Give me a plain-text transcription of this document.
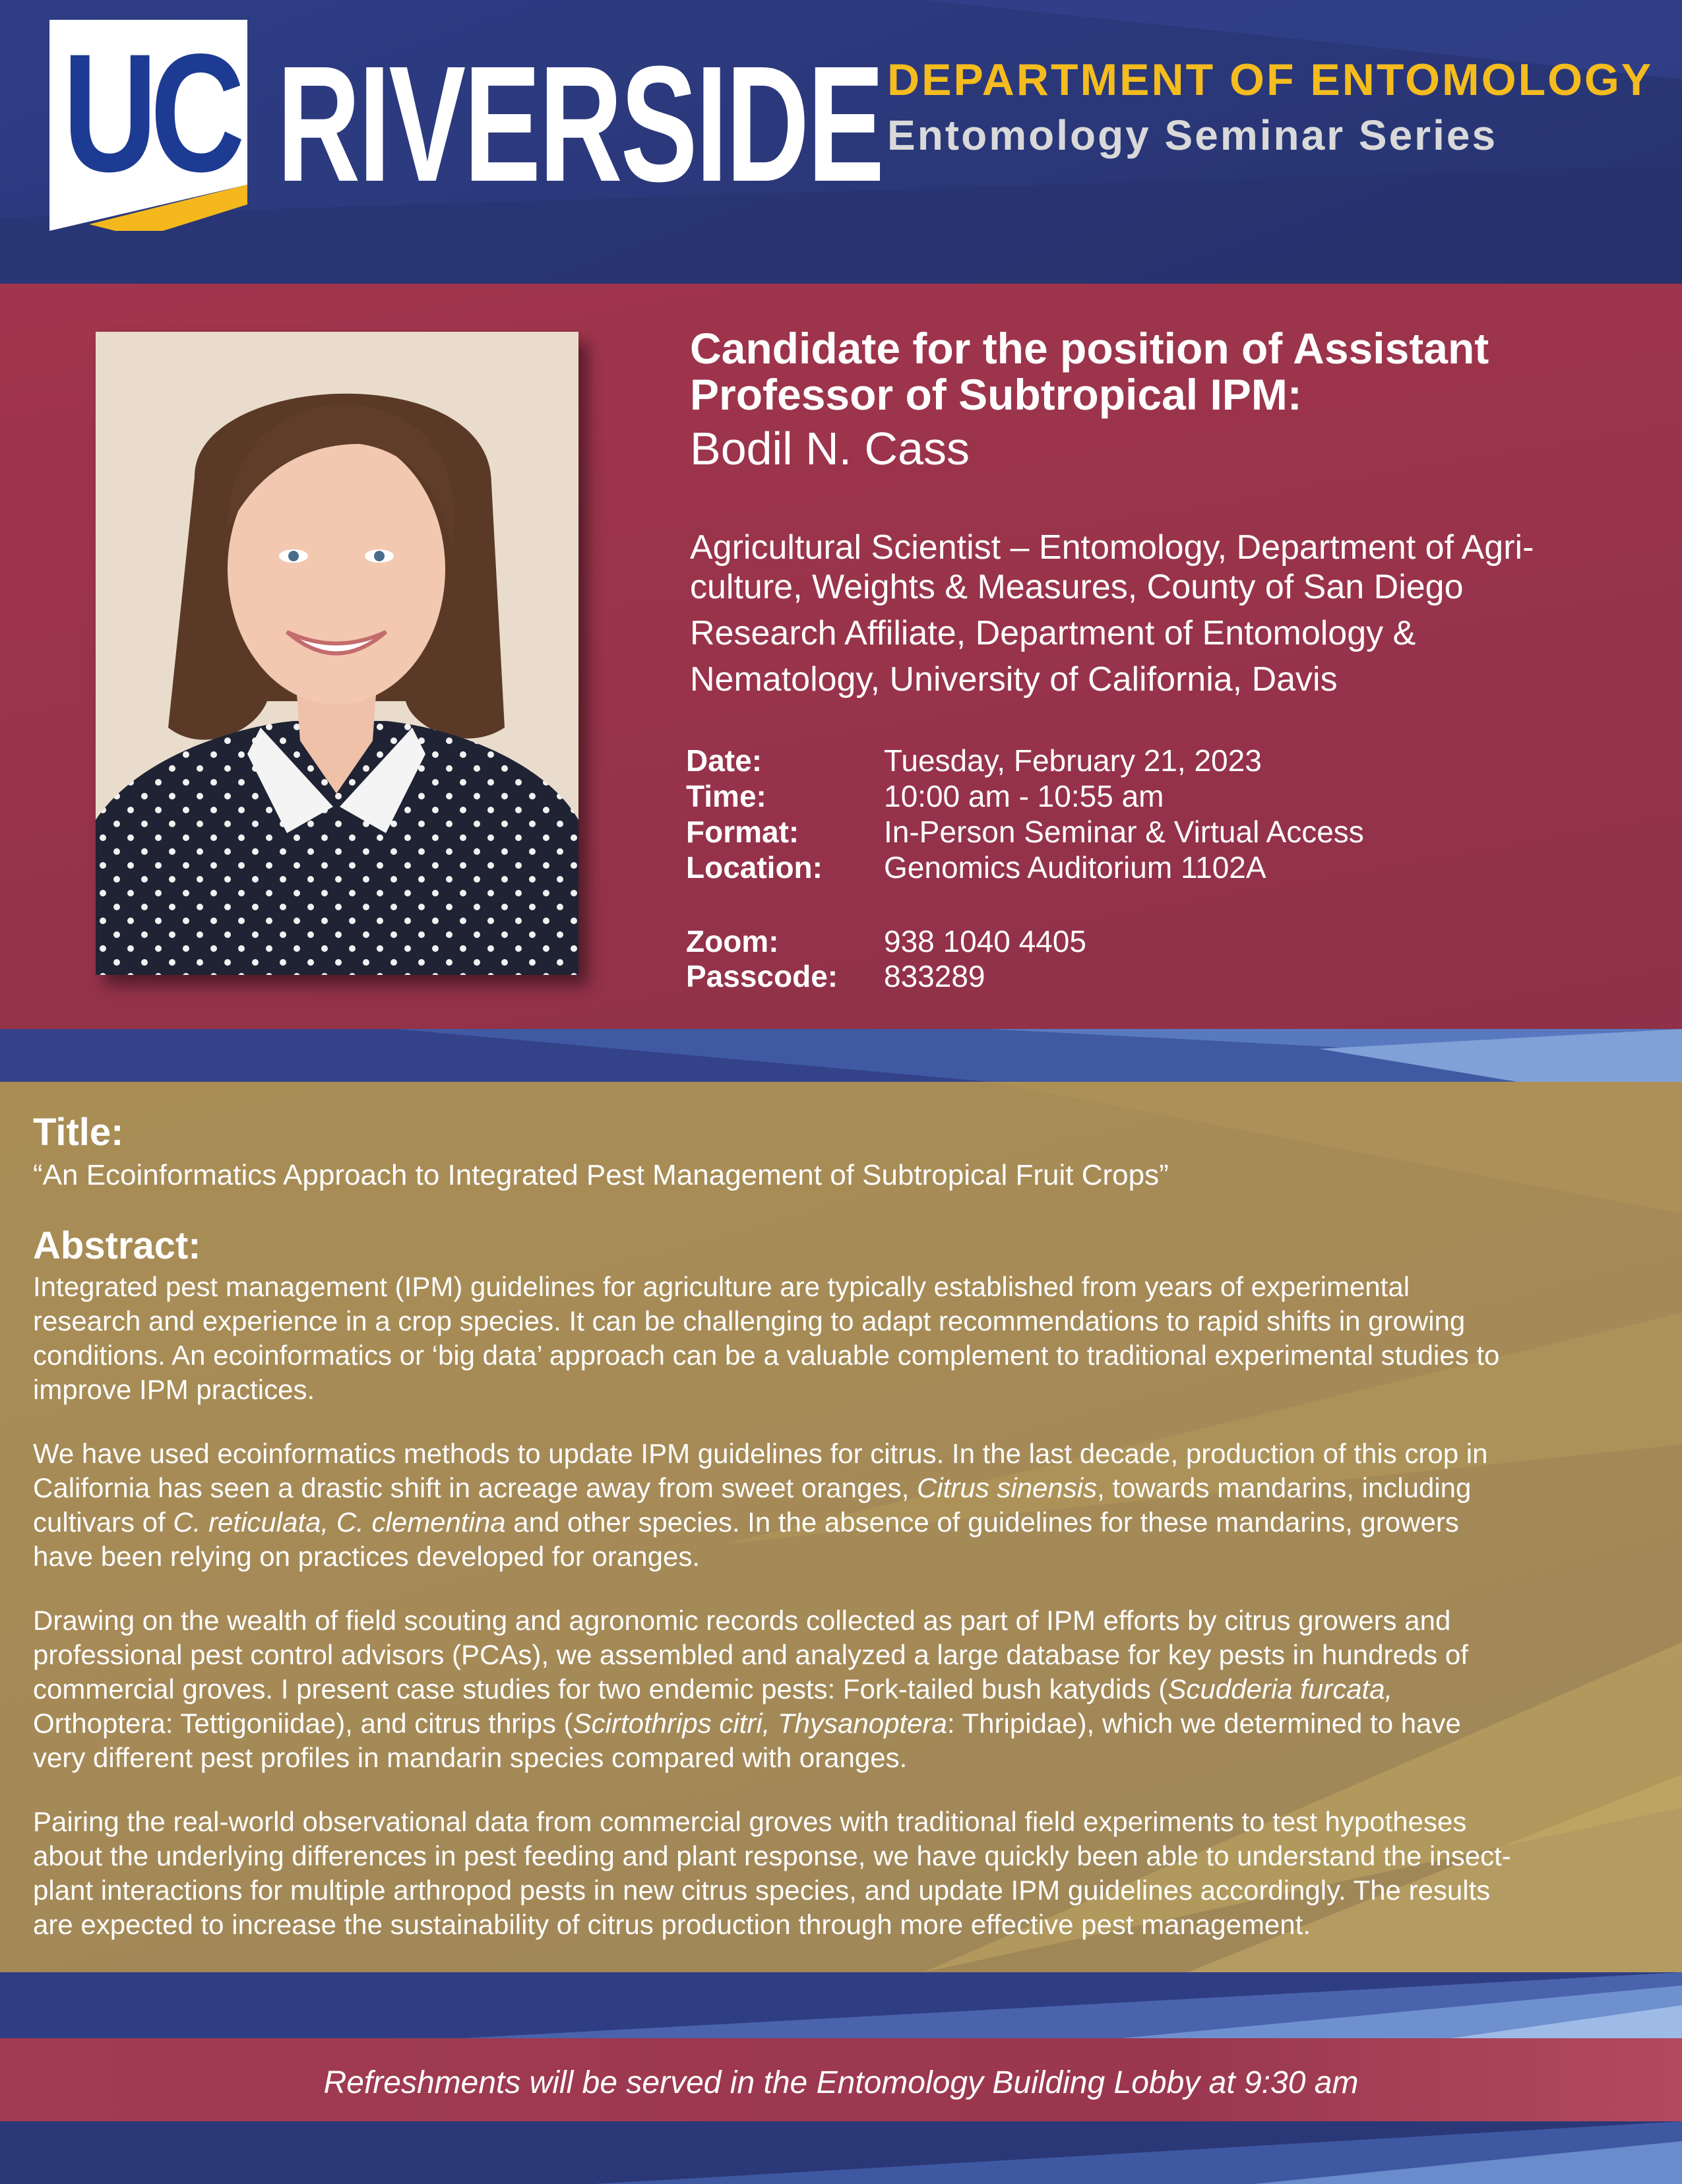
UC RIVERSIDE DEPARTMENT OF ENTOMOLOGY
Entomology Seminar Series
Candidate for the position of Assistant
Professor of Subtropical IPM:
Bodil N. Cass
Agricultural Scientist – Entomology, Department of Agri-
culture, Weights & Measures, County of San Diego
Research Affiliate, Department of Entomology &
Nematology, University of California, Davis
Date:	Tuesday, February 21, 2023
Time:	10:00 am - 10:55 am
Format:	In-Person Seminar & Virtual Access
Location: Genomics Auditorium 1102A
Zoom:	938 1040 4405
Passcode: 833289
Title:
“An Ecoinformatics Approach to Integrated Pest Management of Subtropical Fruit Crops”
Abstract:
Integrated pest management (IPM) guidelines for agriculture are typically established from years of experimental
research and experience in a crop species. It can be challenging to adapt recommendations to rapid shifts in growing
conditions. An ecoinformatics or ‘big data’ approach can be a valuable complement to traditional experimental studies to
improve IPM practices.
We have used ecoinformatics methods to update IPM guidelines for citrus. In the last decade, production of this crop in
California has seen a drastic shift in acreage away from sweet oranges, Citrus sinensis, towards mandarins, including
cultivars of C. reticulata, C. clementina and other species. In the absence of guidelines for these mandarins, growers
have been relying on practices developed for oranges.
Drawing on the wealth of field scouting and agronomic records collected as part of IPM efforts by citrus growers and
professional pest control advisors (PCAs), we assembled and analyzed a large database for key pests in hundreds of
commercial groves. I present case studies for two endemic pests: Fork-tailed bush katydids (Scudderia furcata,
Orthoptera: Tettigoniidae), and citrus thrips (Scirtothrips citri, Thysanoptera: Thripidae), which we determined to have
very different pest profiles in mandarin species compared with oranges.
Pairing the real-world observational data from commercial groves with traditional field experiments to test hypotheses
about the underlying differences in pest feeding and plant response, we have quickly been able to understand the insect-
plant interactions for multiple arthropod pests in new citrus species, and update IPM guidelines accordingly. The results
are expected to increase the sustainability of citrus production through more effective pest management.
Refreshments will be served in the Entomology Building Lobby at 9:30 am
